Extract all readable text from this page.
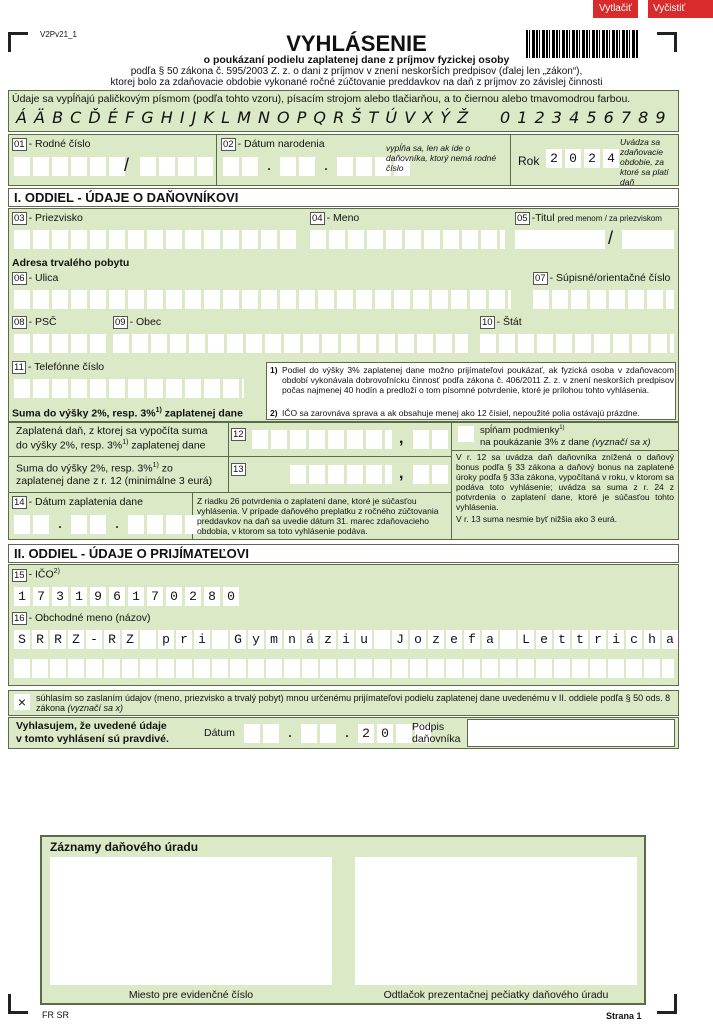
Vytlačiť	Vyčistiť polia
V2Pv21_1	VYHLÁSENIE
o poukázaní podielu zaplatenej dane z príjmov fyzickej osoby
podľa § 50 zákona č. 595/2003 Z. z. o dani z príjmov v znení neskorších predpisov (ďalej len „zákon“),
ktorej bolo za zdaňovacie obdobie vykonané ročné zúčtovanie preddavkov na daň z príjmov zo závislej činnosti
Údaje sa vypĺňajú paličkovým písmom (podľa tohto vzoru), písacím strojom alebo tlačiarňou, a to čiernou alebo tmavomodrou farbou.
Á Ä B C Ď É F G H I J K L M N O P Q R Š T Ú V X Ý Ž 0 1 2 3 4 5 6 7 8 9
01 - Rodné číslo
/
02 - Dátum narodenia
.	.
vypĺňa sa, len ak ide o daňovníka, ktorý nemá rodné číslo	Rok 2 0 2 4
Uvádza sa zdaňovacie obdobie, za ktoré sa platí daň
I. ODDIEL - ÚDAJE O DAŇOVNÍKOVI
03 - Priezvisko	04 - Meno	05 -Titul pred menom / za priezviskom
/
Adresa trvalého pobytu
06 - Ulica	07 - Súpisné/orientačné číslo
08 - PSČ	09 - Obec	10 - Štát
11 - Telefónne číslo	1) Podiel do výšky 3% zaplatenej dane možno prijímateľovi poukázať, ak fyzická osoba v zdaňovacom období vykonávala dobrovoľnícku činnosť podľa zákona č. 406/2011 Z. z. v znení neskorších predpisov počas najmenej 40 hodín a predloží o tom písomné potvrdenie, ktoré je prílohou tohto vyhlásenia.
2) IČO sa zarovnáva sprava a ak obsahuje menej ako 12 čísiel, nepoužité polia ostávajú prázdne.
Suma do výšky 2%, resp. 3%$^{1)}$ zaplatenej dane
Zaplatená daň, z ktorej sa vypočíta suma
do výšky 2%, resp. 3%$^{1)}$ zaplatenej dane
12	,
Suma do výšky 2%, resp. 3%$^{1)}$ zo
zaplatenej dane z r. 12 (minimálne 3 eurá)
13	,
spĺňam podmienky$^{1)}$
na poukázanie 3% z dane (vyznačí sa x)
V r. 12 sa uvádza daň daňovníka znížená o daňový bonus podľa § 33 zákona a daňový bonus na zaplatené úroky podľa § 33a zákona, vypočítaná v roku, v ktorom sa podáva toto vyhlásenie; uvádza sa suma z r. 24 z potvrdenia o zaplatení dane, ktoré je súčasťou tohto vyhlásenia.
V r. 13 suma nesmie byť nižšia ako 3 eurá.
14 - Dátum zaplatenia dane
.	.
Z riadku 26 potvrdenia o zaplatení dane, ktoré je súčasťou vyhlásenia. V prípade daňového preplatku z ročného zúčtovania preddavkov na daň sa uvedie dátum 31. marec zdaňovacieho obdobia, v ktorom sa toto vyhlásenie podáva.
II. ODDIEL - ÚDAJE O PRIJÍMATEĽOVI
15 - IČO$^{2)}$
1 7 3 1 9 6 1 7 0 2 8 0
16 - Obchodné meno (názov)
S R R Z - R Z	p r i	G y m n á z i u	J o z e f a	L e t t r i c h a
×	súhlasím so zaslaním údajov (meno, priezvisko a trvalý pobyt) mnou určenému prijímateľovi podielu zaplatenej dane uvedenému v II. oddiele podľa § 50 ods. 8 zákona (vyznačí sa x)
Vyhlasujem, že uvedené údaje
v tomto vyhlásení sú pravdivé.	Dátum	.	. 2 0	Podpis
daňovníka
Záznamy daňového úradu
Miesto pre evidenčné číslo	Odtlačok prezentačnej pečiatky daňového úradu
FR SR	Strana 1
